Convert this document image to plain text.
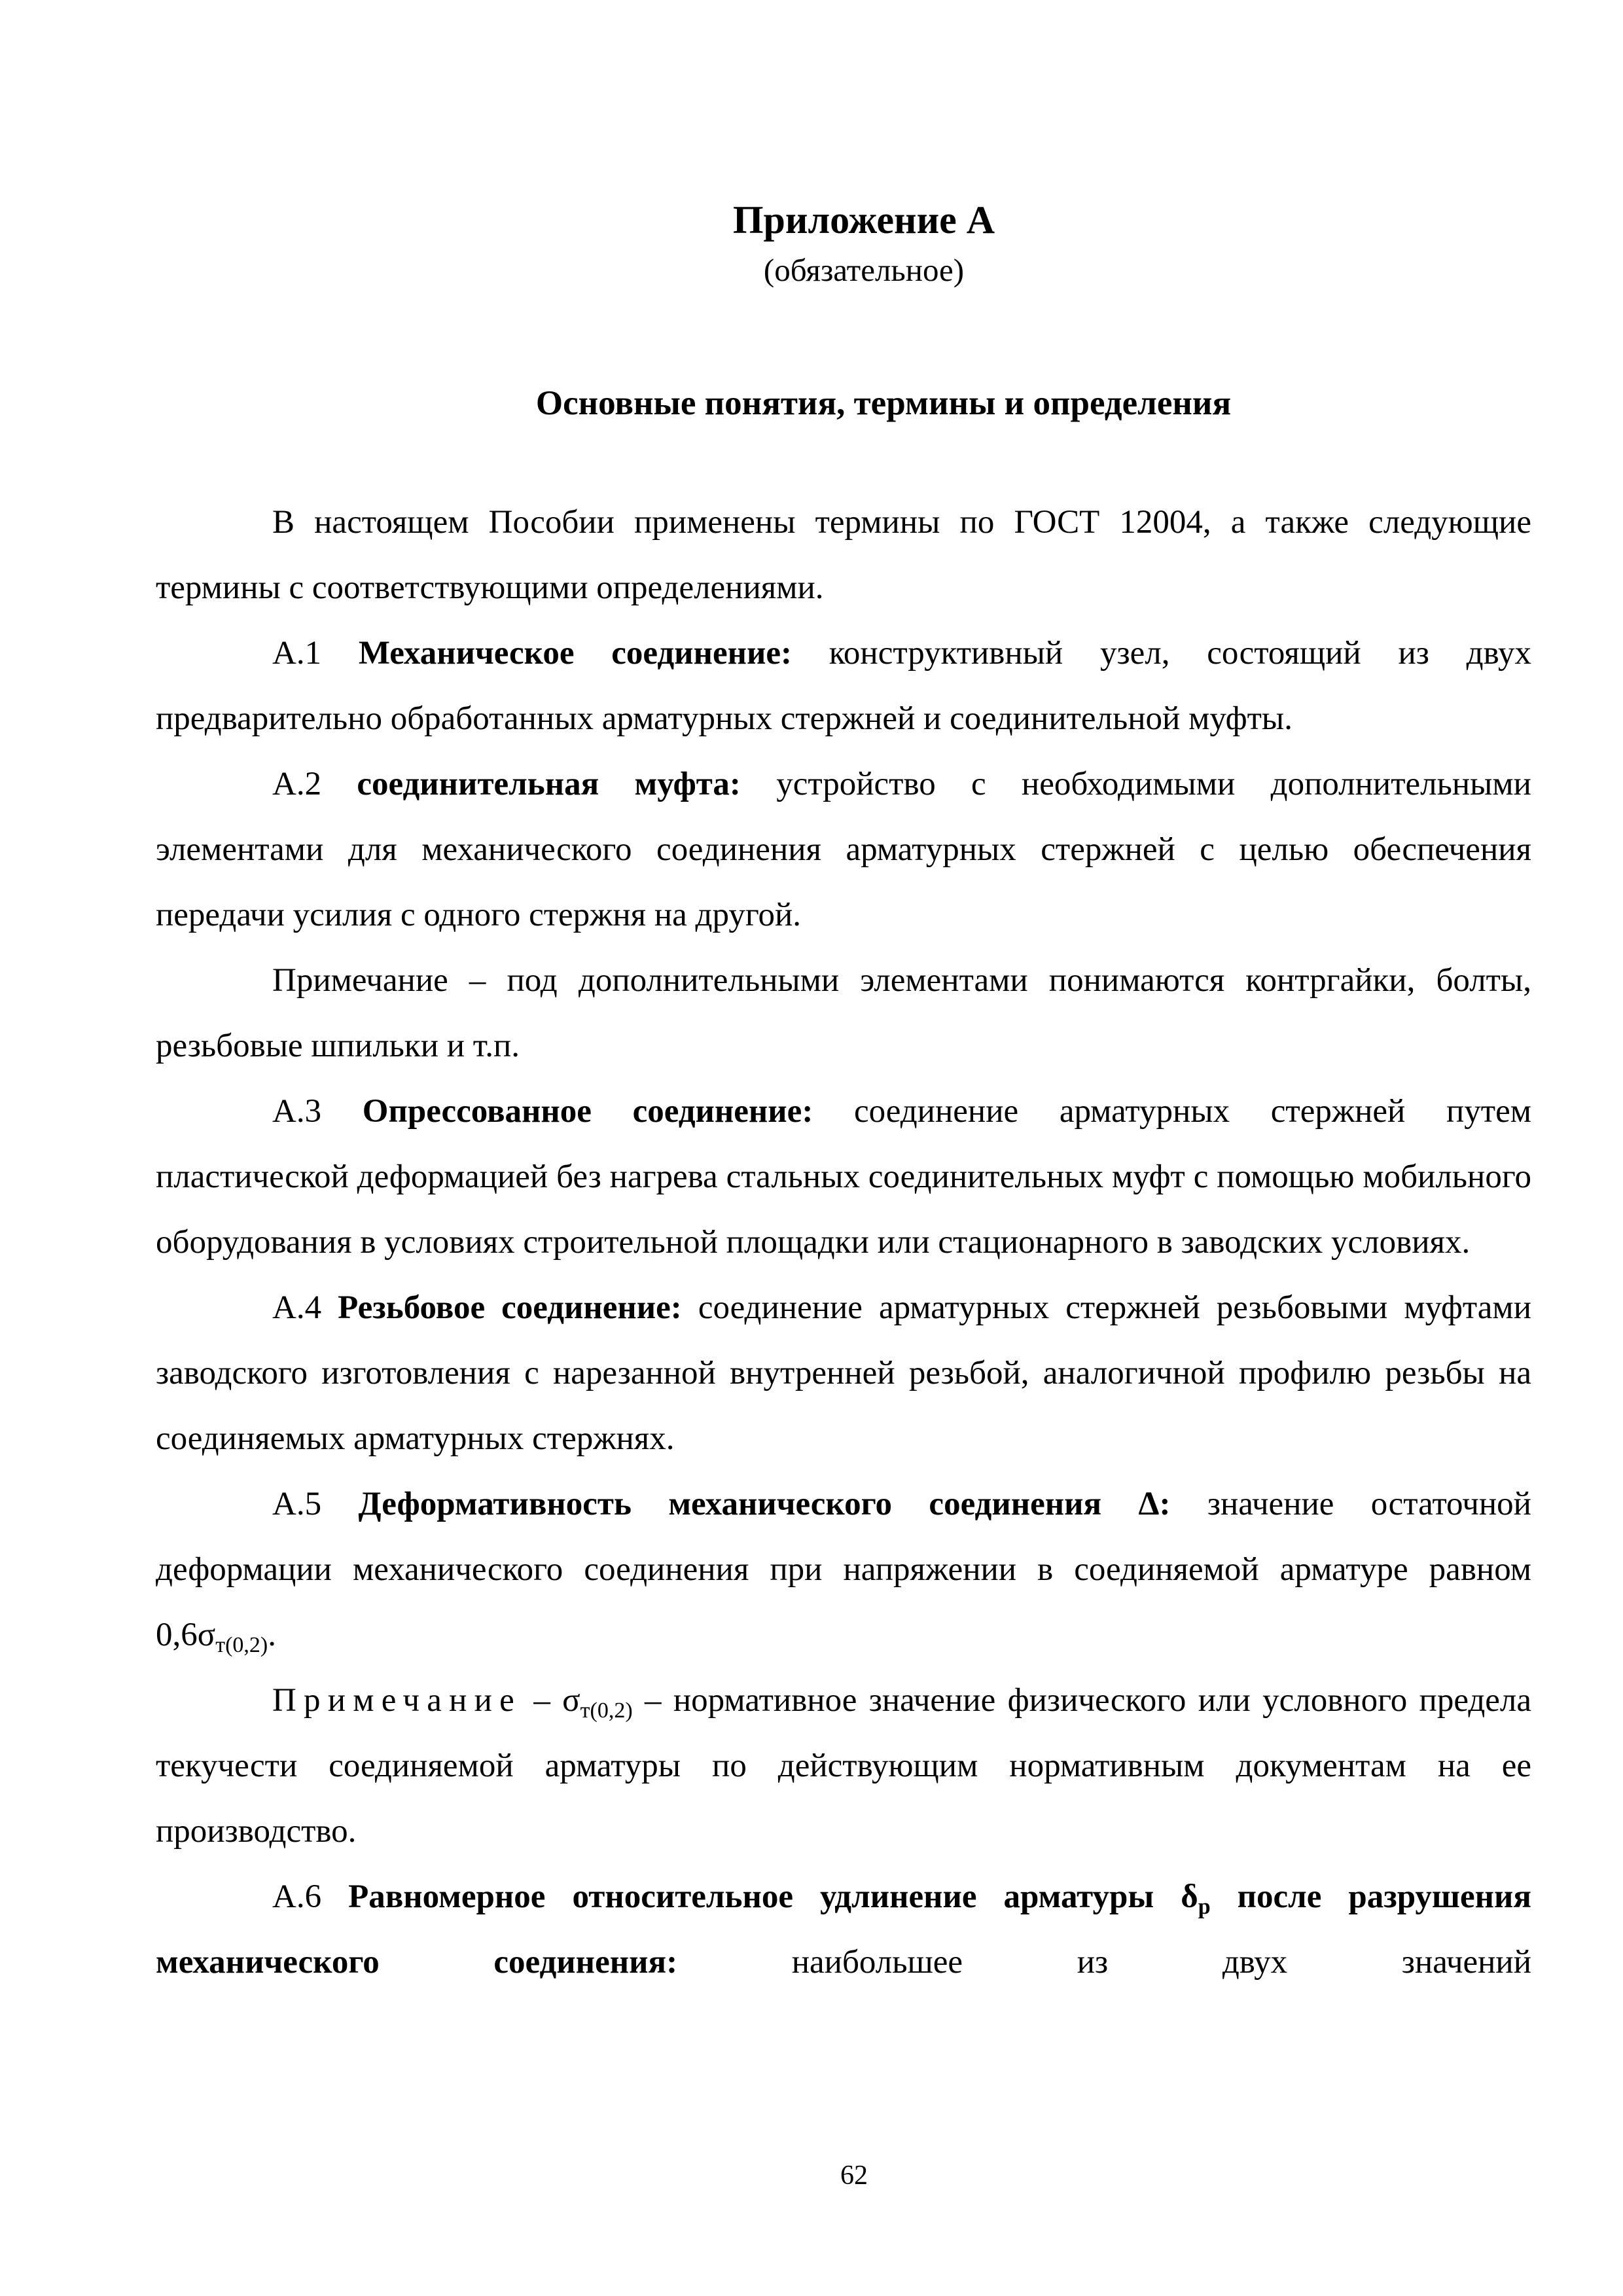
Приложение А
(обязательное)
Основные понятия, термины и определения

В настоящем Пособии применены термины по ГОСТ 12004, а также следующие термины с соответствующими определениями.

А.1 Механическое соединение: конструктивный узел, состоящий из двух предварительно обработанных арматурных стержней и соединительной муфты.

А.2 соединительная муфта: устройство с необходимыми дополнительными элементами для механического соединения арматурных стержней с целью обеспечения передачи усилия с одного стержня на другой.

Примечание – под дополнительными элементами понимаются контргайки, болты, резьбовые шпильки и т.п.

А.3 Опрессованное соединение: соединение арматурных стержней путем пластической деформацией без нагрева стальных соединительных муфт с помощью мобильного оборудования в условиях строительной площадки или стационарного в заводских условиях.

А.4 Резьбовое соединение: соединение арматурных стержней резьбовыми муфтами заводского изготовления с нарезанной внутренней резьбой, аналогичной профилю резьбы на соединяемых арматурных стержнях.

А.5 Деформативность механического соединения Δ: значение остаточной деформации механического соединения при напряжении в соединяемой арматуре равном $0,6\sigma_{т(0,2)}$.

Примечание – $\sigma_{т(0,2)}$ – нормативное значение физического или условного предела текучести соединяемой арматуры по действующим нормативным документам на ее производство.

А.6 Равномерное относительное удлинение арматуры $\delta_р$ после разрушения механического соединения: наибольшее из двух значений

62
